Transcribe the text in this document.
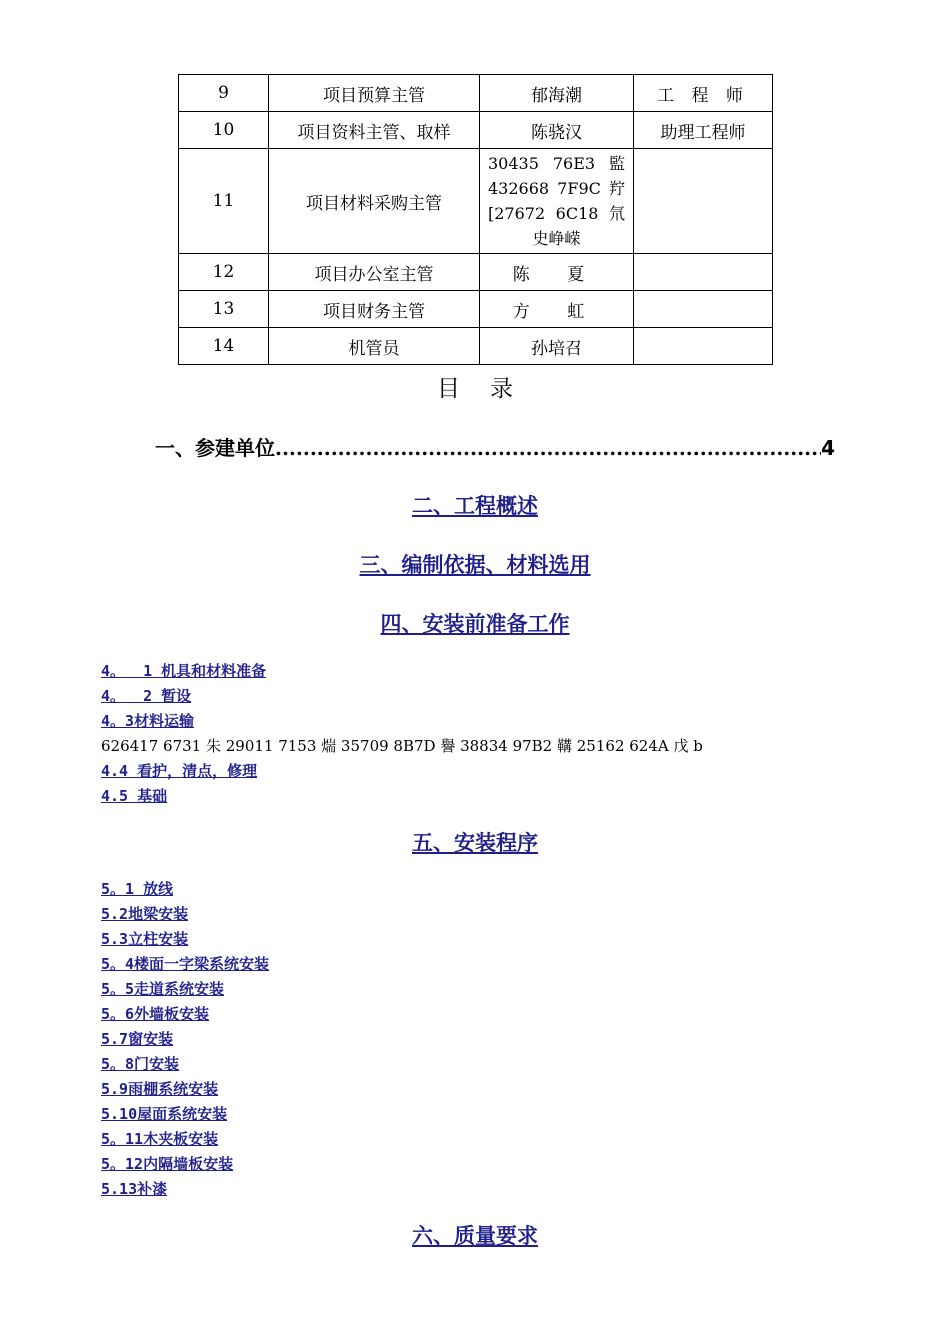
9	项目预算主管	郁海潮	工 程 师
10	项目资料主管、取样	陈骁汉	助理工程师
11	项目材料采购主管	30435 76E3 監
432668 7F9C 羜
[27672 6C18 氘
史峥嵘	

12	项目办公室主管	陈 夏	
13	项目财务主管	方 虹	
14	机管员	孙培召	
目录
一、参建单位 .....	4
二、工程概述
三、编制依据、材料选用
四、安装前准备工作
4。  1 机具和材料准备
4。  2 暂设
4。3材料运输
626417 6731 朱 29011 7153 煓 35709 8B7D 譽 38834 97B2 鞲 25162 624A 戊 b
4.4 看护，清点，修理
4.5 基础
五、安装程序
5。1 放线
5.2地梁安装
5.3立柱安装
5。4楼面一字梁系统安装
5。5走道系统安装
5。6外墙板安装
5.7窗安装
5。8门安装
5.9雨棚系统安装
5.10屋面系统安装
5。11木夹板安装
5。12内隔墙板安装
5.13补漆
六、质量要求
